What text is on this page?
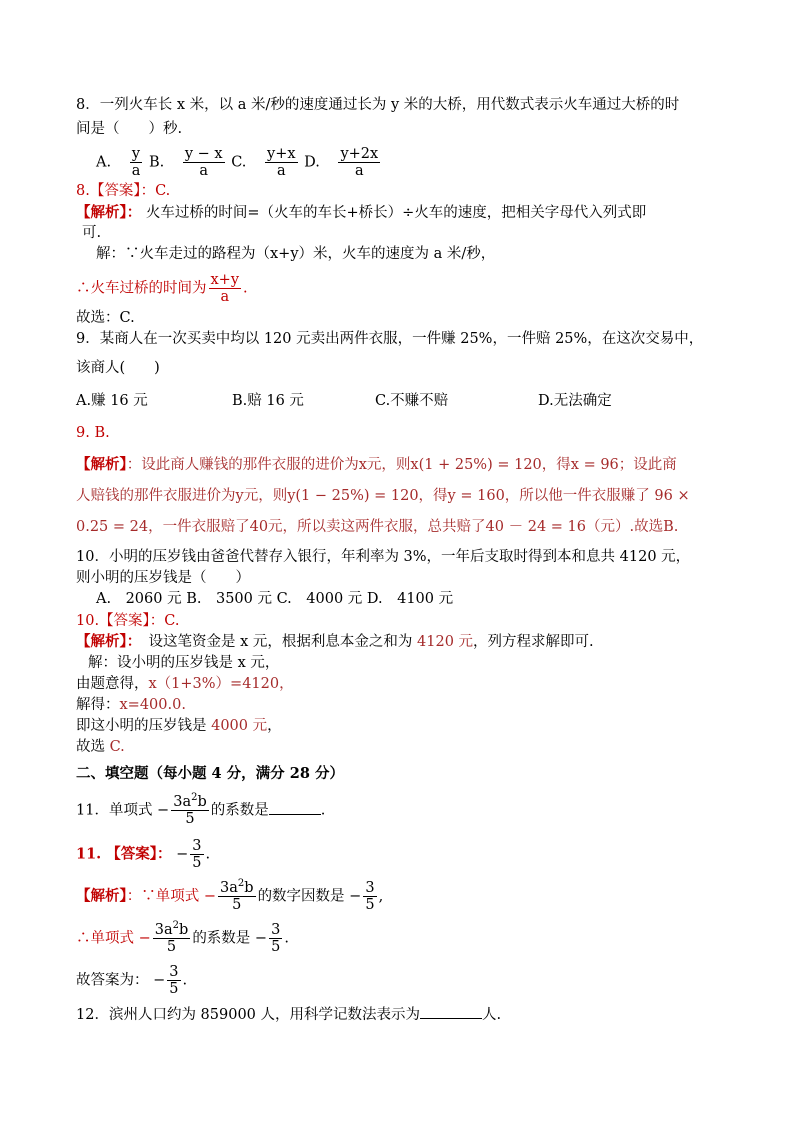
8．一列火车长 x 米，以 a 米/秒的速度通过长为 y 米的大桥，用代数式表示火车通过大桥的时
间是（　　）秒.
A. $\frac{y}{a} B$. $\frac{y - x}{a} C$. $\frac{y+x}{a} D$. $\frac{y+2x}{a}$
8.【答案】：C.
【解析】： 火车过桥的时间=（火车的车长+桥长）÷火车的速度，把相关字母代入列式即
可.
解：∵火车走过的路程为（x+y）米，火车的速度为 a 米/秒，
∴火车过桥的时间为 $\frac{x+y}{a}$ .
故选：C.
9．某商人在一次买卖中均以 120 元卖出两件衣服，一件赚 25%，一件赔 25%，在这次交易中，
该商人(　　)
A.赚 16 元	B.赔 16 元	C.不赚不赔	D.无法确定
9. B.
【解析】：设此商人赚钱的那件衣服的进价为x元，则x(1 + 25%) = 120，得x = 96；设此商
人赔钱的那件衣服进价为y元，则y(1 − 25%) = 120，得y = 160，所以他一件衣服赚了 96 ×
0.25 = 24，一件衣服赔了40元，所以卖这两件衣服，总共赔了40 － 24 = 16（元）.故选B.
10．小明的压岁钱由爸爸代替存入银行，年利率为 3%，一年后支取时得到本和息共 4120 元，
则小明的压岁钱是（　　）
A.　2060 元 B.　3500 元 C.　4000 元 D.　4100 元
10.【答案】：C.
【解析】：　设这笔资金是 x 元，根据利息本金之和为 4120 元，列方程求解即可.
解：设小明的压岁钱是 x 元，
由题意得，x（1+3%）=4120，
解得：x=400.0.
即这小明的压岁钱是 4000 元，
故选 C.
二、填空题（每小题 4 分，满分 28 分）
11．单项式 − $\frac{3a^2b}{5}$ 的系数是	.
11. 【答案】： − $\frac{3}{5}$ .
【解析】：∵单项式 − $\frac{3a^2b}{5}$ 的数字因数是 − $\frac{3}{5}$ ,
∴单项式 − $\frac{3a^2b}{5}$ 的系数是 − $\frac{3}{5}$ .
故答案为： − $\frac{3}{5}$ .
12．滨州人口约为 859000 人，用科学记数法表示为	人.
